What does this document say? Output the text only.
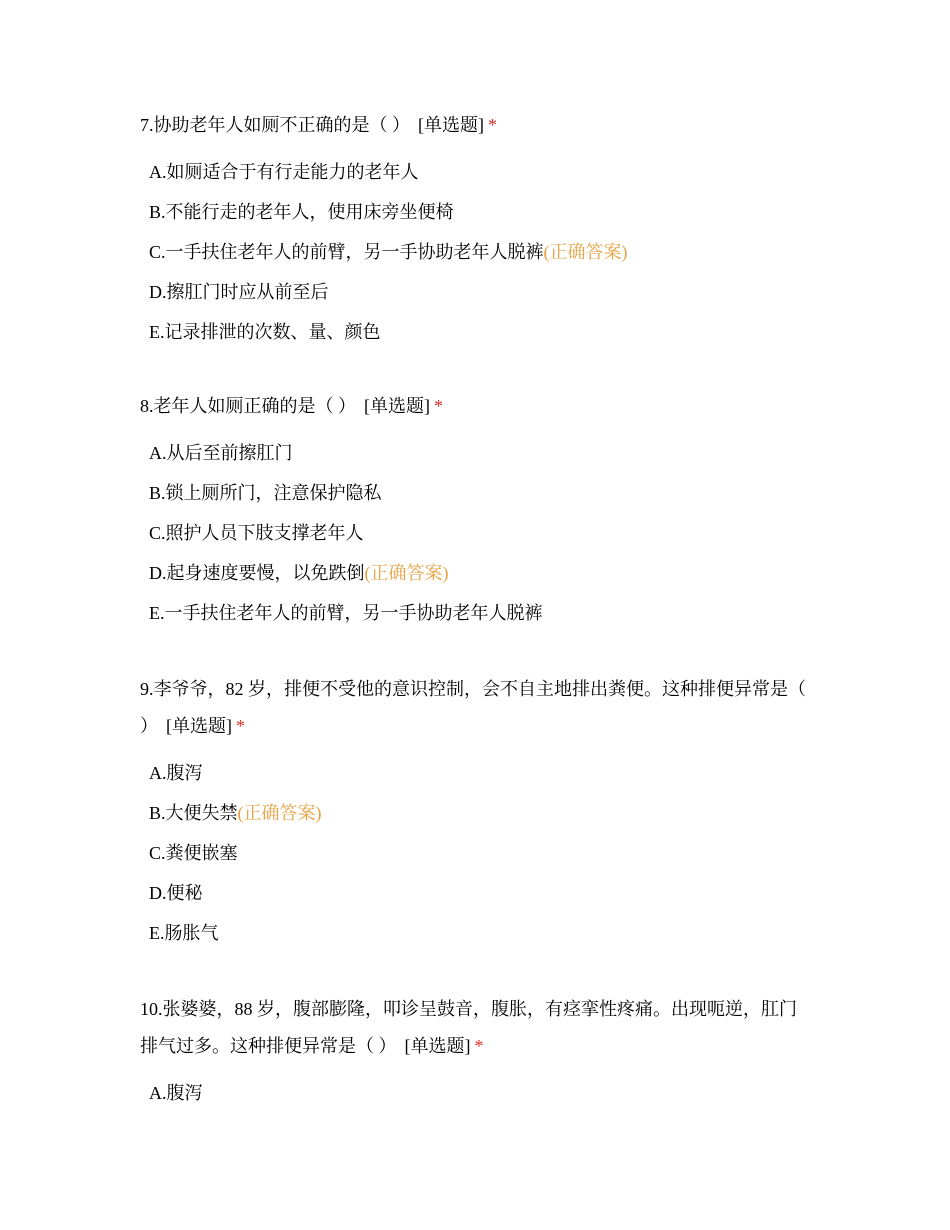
7.协助老年人如厕不正确的是（ ） [单选题] *

A.如厕适合于有行走能力的老年人
B.不能行走的老年人，使用床旁坐便椅
C.一手扶住老年人的前臂，另一手协助老年人脱裤(正确答案)
D.擦肛门时应从前至后
E.记录排泄的次数、量、颜色

8.老年人如厕正确的是（ ） [单选题] *

A.从后至前擦肛门
B.锁上厕所门，注意保护隐私
C.照护人员下肢支撑老年人
D.起身速度要慢，以免跌倒(正确答案)
E.一手扶住老年人的前臂，另一手协助老年人脱裤

9.李爷爷，82 岁，排便不受他的意识控制，会不自主地排出粪便。这种排便异常是（ ） [单选题] *

A.腹泻
B.大便失禁(正确答案)
C.粪便嵌塞
D.便秘
E.肠胀气

10.张婆婆，88 岁，腹部膨隆，叩诊呈鼓音，腹胀，有痉挛性疼痛。出现呃逆，肛门排气过多。这种排便异常是（ ） [单选题] *

A.腹泻
